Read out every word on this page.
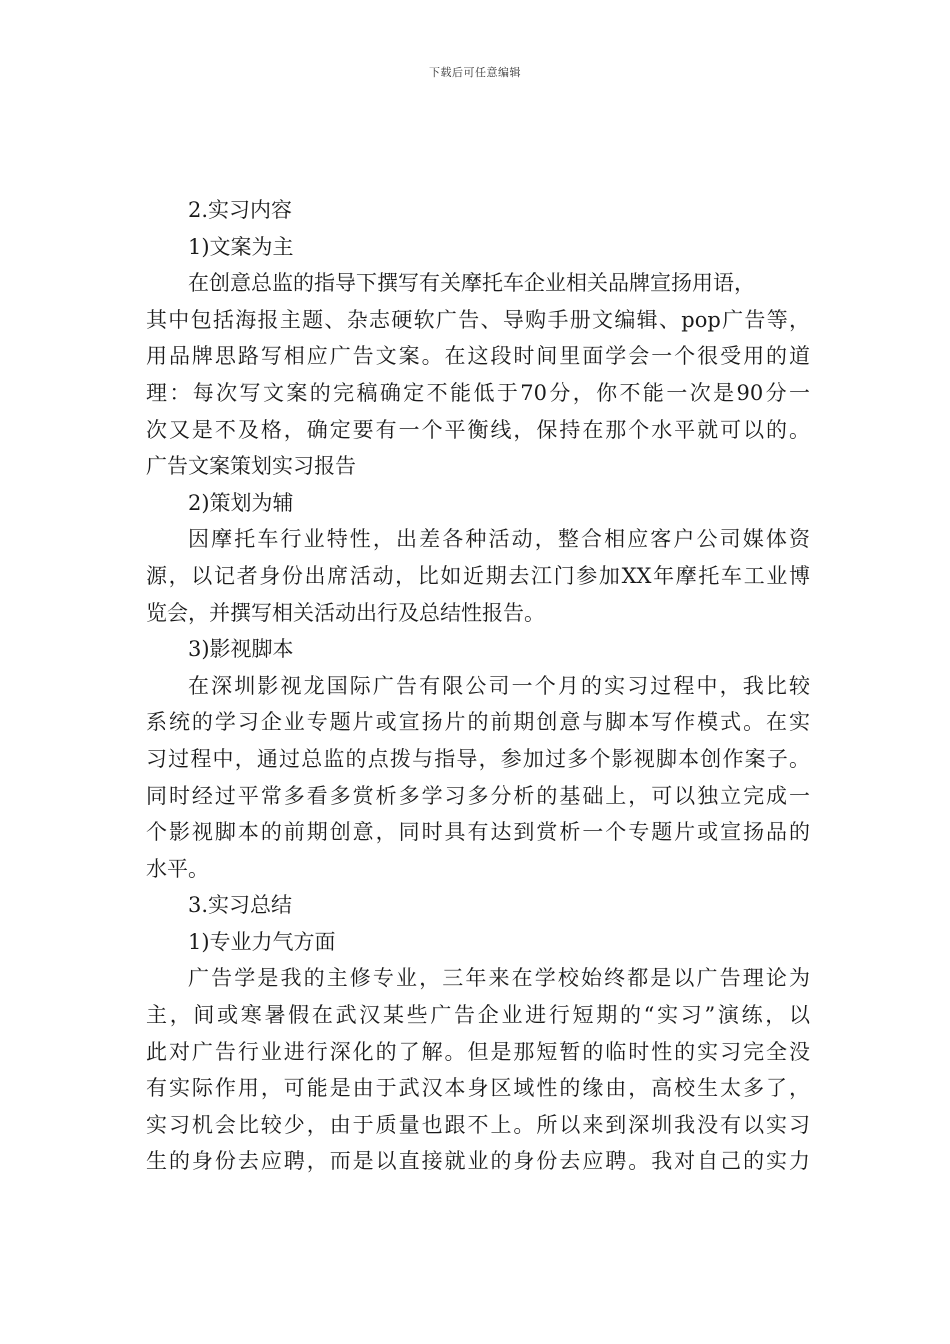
下载后可任意编辑
2.实习内容
1)文案为主
在创意总监的指导下撰写有关摩托车企业相关品牌宣扬用语，
其中包括海报主题、杂志硬软广告、导购手册文编辑、pop广告等，
用品牌思路写相应广告文案。在这段时间里面学会一个很受用的道
理：每次写文案的完稿确定不能低于70分，你不能一次是90分一
次又是不及格，确定要有一个平衡线，保持在那个水平就可以的。
广告文案策划实习报告
2)策划为辅
因摩托车行业特性，出差各种活动，整合相应客户公司媒体资
源，以记者身份出席活动，比如近期去江门参加XX年摩托车工业博
览会，并撰写相关活动出行及总结性报告。
3)影视脚本
在深圳影视龙国际广告有限公司一个月的实习过程中，我比较
系统的学习企业专题片或宣扬片的前期创意与脚本写作模式。在实
习过程中，通过总监的点拨与指导，参加过多个影视脚本创作案子。
同时经过平常多看多赏析多学习多分析的基础上，可以独立完成一
个影视脚本的前期创意，同时具有达到赏析一个专题片或宣扬品的
水平。
3.实习总结
1)专业力气方面
广告学是我的主修专业，三年来在学校始终都是以广告理论为
主，间或寒暑假在武汉某些广告企业进行短期的“实习”演练，以
此对广告行业进行深化的了解。但是那短暂的临时性的实习完全没
有实际作用，可能是由于武汉本身区域性的缘由，高校生太多了，
实习机会比较少，由于质量也跟不上。所以来到深圳我没有以实习
生的身份去应聘，而是以直接就业的身份去应聘。我对自己的实力
